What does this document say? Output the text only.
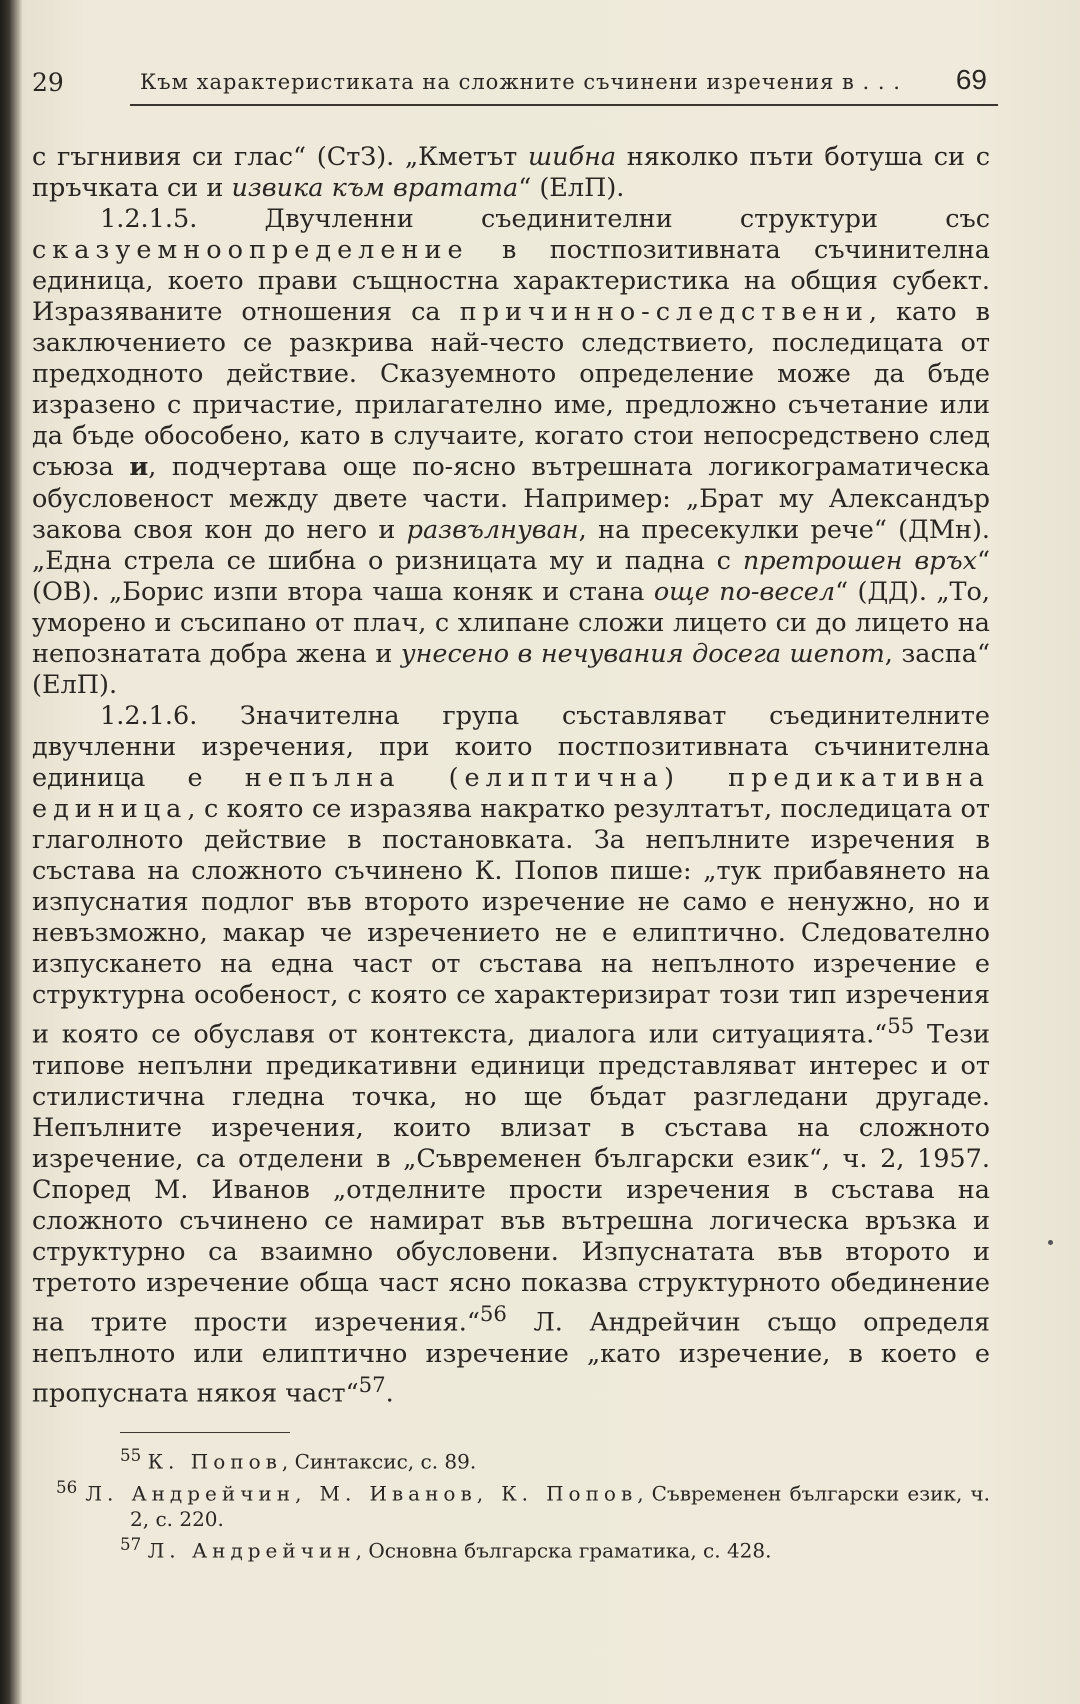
29	Към характеристиката на сложните съчинени изречения в . . . 69

с гъгнивия си глас“ (СтЗ). „Кметът шибна няколко пъти ботуша си с пръчката си и извика към вратата“ (ЕлП).

1.2.1.5. Двучленни съединителни структури със сказуемноопределение в постпозитивната съчинителна единица, което прави същностна характеристика на общия субект. Изразяваните отношения са причинно-следствени, като в заключението се разкрива най-често следствието, последицата от предходното действие. Сказуемното определение може да бъде изразено с причастие, прилагателно име, предложно съчетание или да бъде обособено, като в случаите, когато стои непосредствено след съюза и, подчертава още по-ясно вътрешната логикограматическа обусловеност между двете части. Например: „Брат му Александър закова своя кон до него и развълнуван, на пресекулки рече“ (ДМн). „Една стрела се шибна о ризницата му и падна с претрошен връх“ (ОВ). „Борис изпи втора чаша коняк и стана още по-весел“ (ДД). „То, уморено и съсипано от плач, с хлипане сложи лицето си до лицето на непознатата добра жена и унесено в нечувания досега шепот, заспа“ (ЕлП).

1.2.1.6. Значителна група съставляват съединителните двучленни изречения, при които постпозитивната съчинителна единица е непълна (елиптична) предикативна единица, с която се изразява накратко резултатът, последицата от глаголното действие в постановката. За непълните изречения в състава на сложното съчинено К. Попов пише: „тук прибавянето на изпуснатия подлог във второто изречение не само е ненужно, но и невъзможно, макар че изречението не е елиптично. Следователно изпускането на една част от състава на непълното изречение е структурна особеност, с която се характеризират този тип изречения и която се обуславя от контекста, диалога или ситуацията.“$^{55}$ Тези типове непълни предикативни единици представляват интерес и от стилистична гледна точка, но ще бъдат разгледани другаде. Непълните изречения, които влизат в състава на сложното изречение, са отделени в „Съвременен български език“, ч. 2, 1957. Според М. Иванов „отделните прости изречения в състава на сложното съчинено се намират във вътрешна логическа връзка и структурно са взаимно обусловени. Изпуснатата във второто и третото изречение обща част ясно показва структурното обединение на трите прости изречения.“$^{56}$ Л. Андрейчин също определя непълното или елиптично изречение „като изречение, в което е пропусната някоя част“$^{57}$.

$^{55}$ К. Попов, Синтаксис, с. 89.

$^{56}$ Л. Андрейчин, М. Иванов, К. Попов, Съвременен български език, ч. 2, с. 220.

$^{57}$ Л. Андрейчин, Основна българска граматика, с. 428.
